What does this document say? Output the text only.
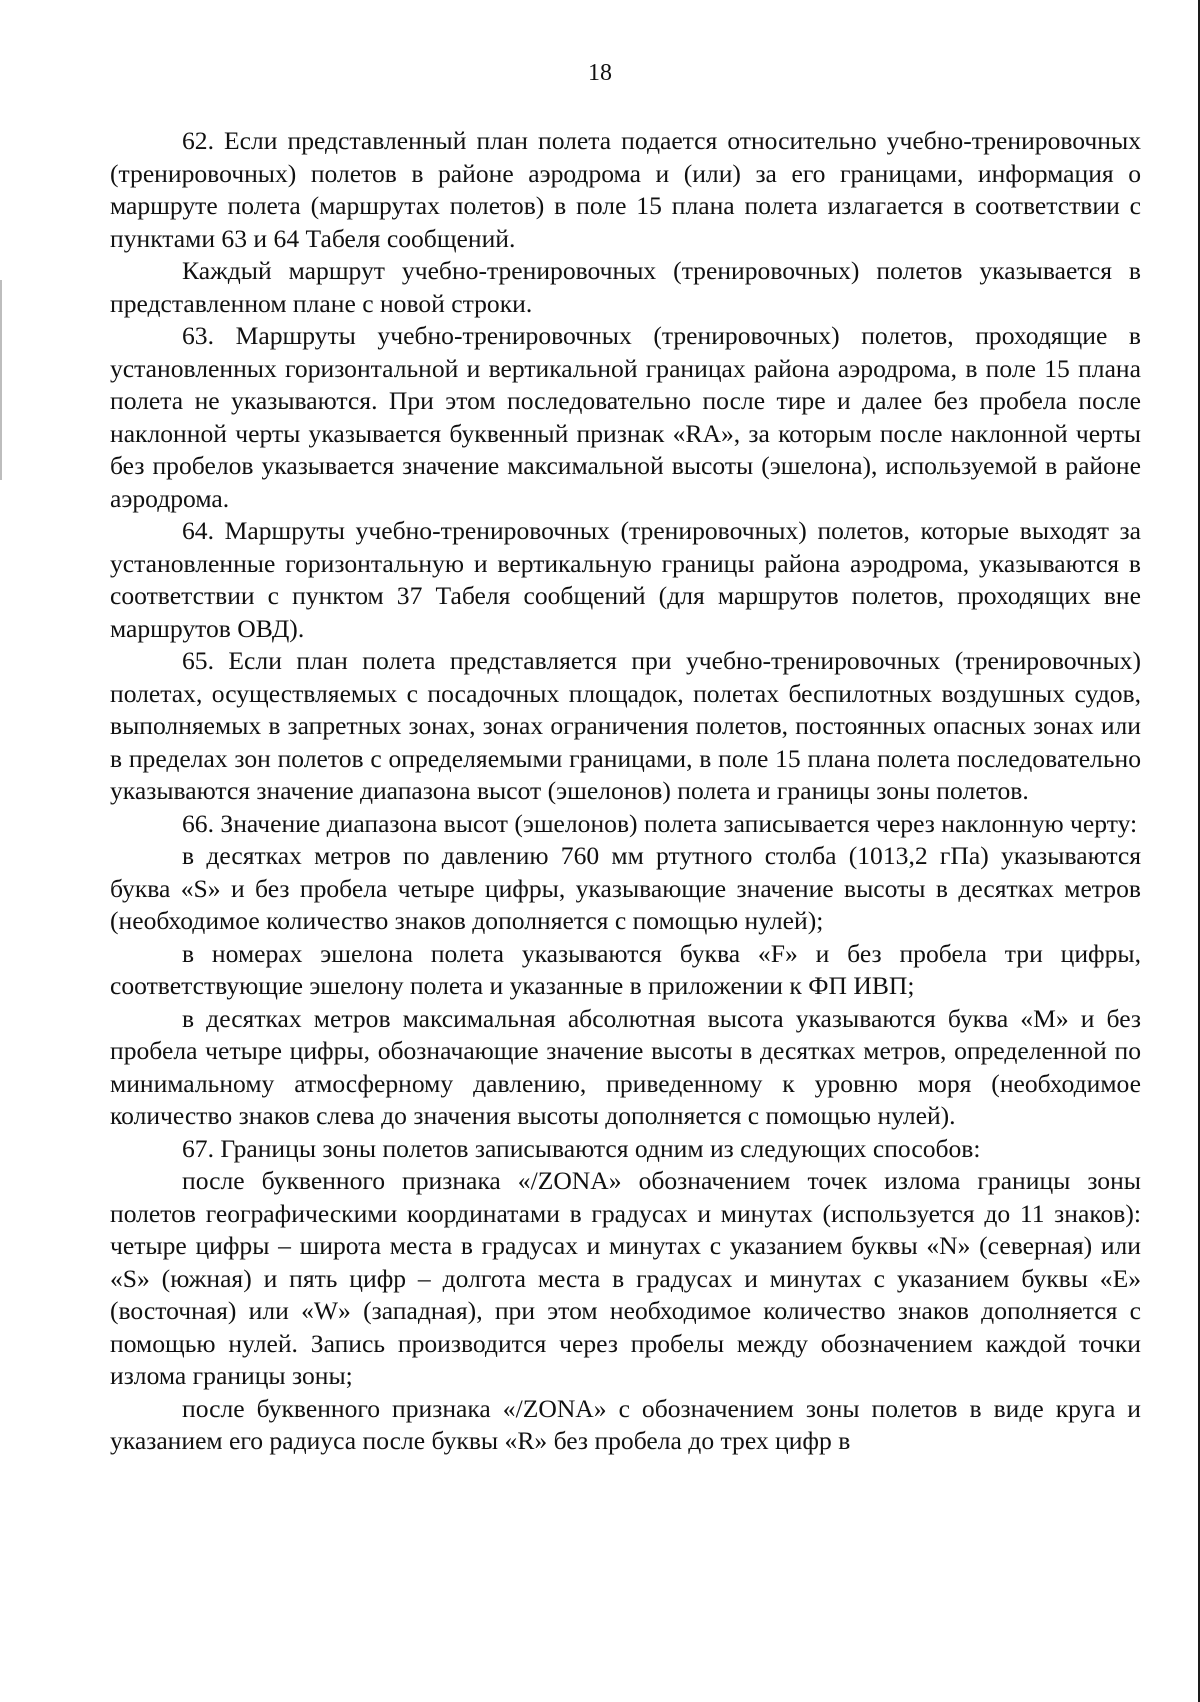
18

62. Если представленный план полета подается относительно учебно-тренировочных (тренировочных) полетов в районе аэродрома и (или) за его границами, информация о маршруте полета (маршрутах полетов) в поле 15 плана полета излагается в соответствии с пунктами 63 и 64 Табеля сообщений.

Каждый маршрут учебно-тренировочных (тренировочных) полетов указывается в представленном плане с новой строки.

63. Маршруты учебно-тренировочных (тренировочных) полетов, проходящие в установленных горизонтальной и вертикальной границах района аэродрома, в поле 15 плана полета не указываются. При этом последовательно после тире и далее без пробела после наклонной черты указывается буквенный признак «RA», за которым после наклонной черты без пробелов указывается значение максимальной высоты (эшелона), используемой в районе аэродрома.

64. Маршруты учебно-тренировочных (тренировочных) полетов, которые выходят за установленные горизонтальную и вертикальную границы района аэродрома, указываются в соответствии с пунктом 37 Табеля сообщений (для маршрутов полетов, проходящих вне маршрутов ОВД).

65. Если план полета представляется при учебно-тренировочных (тренировочных) полетах, осуществляемых с посадочных площадок, полетах беспилотных воздушных судов, выполняемых в запретных зонах, зонах ограничения полетов, постоянных опасных зонах или в пределах зон полетов с определяемыми границами, в поле 15 плана полета последовательно указываются значение диапазона высот (эшелонов) полета и границы зоны полетов.

66. Значение диапазона высот (эшелонов) полета записывается через наклонную черту:

в десятках метров по давлению 760 мм ртутного столба (1013,2 гПа) указываются буква «S» и без пробела четыре цифры, указывающие значение высоты в десятках метров (необходимое количество знаков дополняется с помощью нулей);

в номерах эшелона полета указываются буква «F» и без пробела три цифры, соответствующие эшелону полета и указанные в приложении к ФП ИВП;

в десятках метров максимальная абсолютная высота указываются буква «М» и без пробела четыре цифры, обозначающие значение высоты в десятках метров, определенной по минимальному атмосферному давлению, приведенному к уровню моря (необходимое количество знаков слева до значения высоты дополняется с помощью нулей).

67. Границы зоны полетов записываются одним из следующих способов:

после буквенного признака «/ZONA» обозначением точек излома границы зоны полетов географическими координатами в градусах и минутах (используется до 11 знаков): четыре цифры – широта места в градусах и минутах с указанием буквы «N» (северная) или «S» (южная) и пять цифр – долгота места в градусах и минутах с указанием буквы «Е» (восточная) или «W» (западная), при этом необходимое количество знаков дополняется с помощью нулей. Запись производится через пробелы между обозначением каждой точки излома границы зоны;

после буквенного признака «/ZONA» с обозначением зоны полетов в виде круга и указанием его радиуса после буквы «R» без пробела до трех цифр в
